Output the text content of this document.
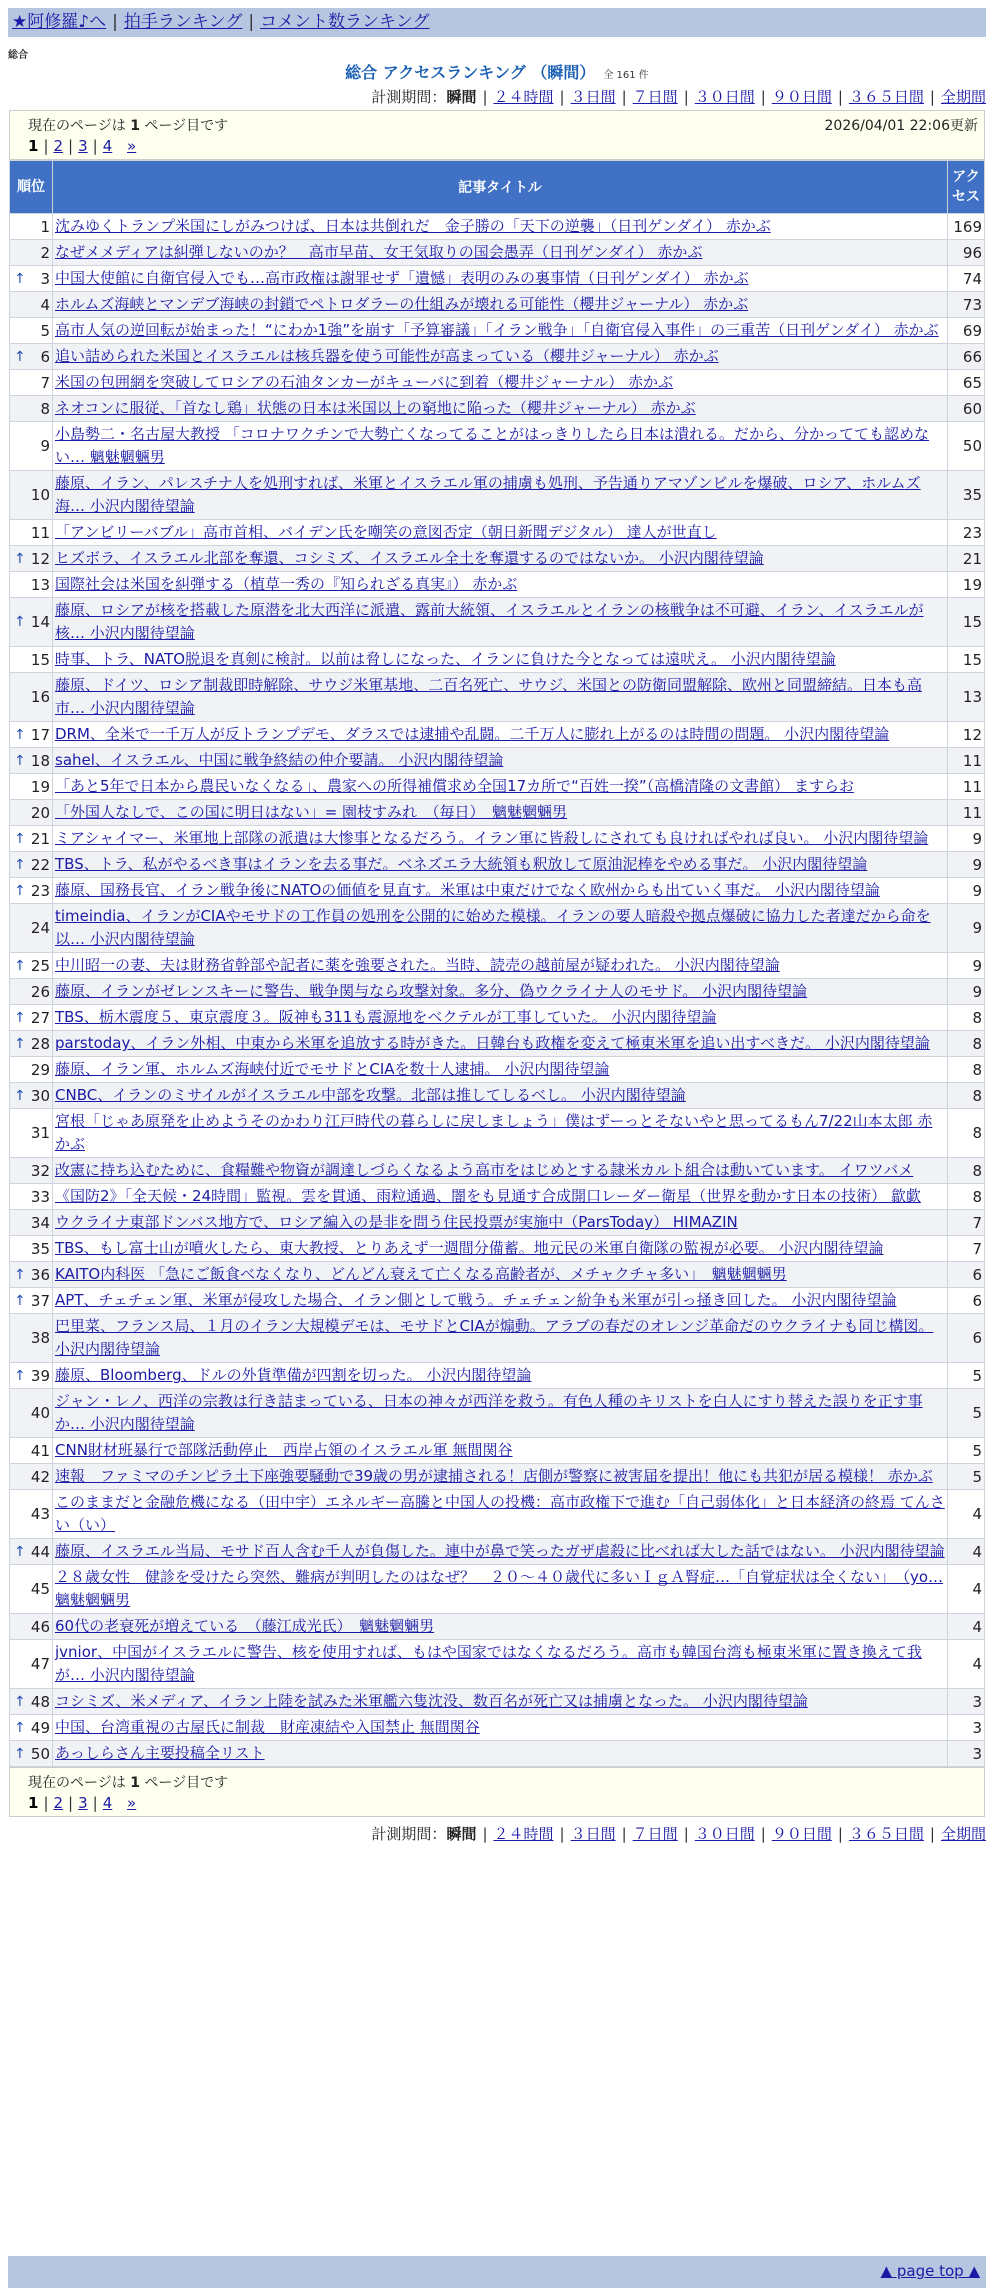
★阿修羅♪へ | 拍手ランキング | コメント数ランキング
総合
総合 アクセスランキング （瞬間） 全 161 件
計測期間：瞬間 | ２４時間 | ３日間 | ７日間 | ３０日間 | ９０日間 | ３６５日間 | 全期間
現在のページは 1 ページ目です	2026/04/01 22:06更新
1 | 2 | 3 | 4 »
順位	記事タイトル	アクセス
1	沈みゆくトランプ米国にしがみつけば、日本は共倒れだ　金子勝の「天下の逆襲」（日刊ゲンダイ） 赤かぶ	169
2	なぜメメディアは糾弾しないのか？　高市早苗、女王気取りの国会愚弄（日刊ゲンダイ） 赤かぶ	96

↑ 3	中国大使館に自衛官侵入でも…高市政権は謝罪せず「遺憾」表明のみの裏事情（日刊ゲンダイ） 赤かぶ	74
4	ホルムズ海峡とマンデブ海峡の封鎖でペトロダラーの仕組みが壊れる可能性（櫻井ジャーナル） 赤かぶ	73
5	高市人気の逆回転が始まった！“にわか1強”を崩す「予算審議」「イラン戦争」「自衛官侵入事件」の三重苦（日刊ゲンダイ） 赤かぶ	69

↑ 6	追い詰められた米国とイスラエルは核兵器を使う可能性が高まっている（櫻井ジャーナル） 赤かぶ	66
7	米国の包囲網を突破してロシアの石油タンカーがキューバに到着（櫻井ジャーナル） 赤かぶ	65
8	ネオコンに服従、「首なし鶏」状態の日本は米国以上の窮地に陥った（櫻井ジャーナル） 赤かぶ	60
9	小島勢二・名古屋大教授 「コロナワクチンで大勢亡くなってることがはっきりしたら日本は潰れる。だから、分かってても認めない… 魑魅魍魎男	50
10	藤原、イラン、パレスチナ人を処刑すれば、米軍とイスラエル軍の捕虜も処刑、予告通りアマゾンビルを爆破、ロシア、ホルムズ海… 小沢内閣待望論	35
11	「アンビリーバブル」高市首相、バイデン氏を嘲笑の意図否定（朝日新聞デジタル） 達人が世直し	23

↑ 12	ヒズボラ、イスラエル北部を奪還、コシミズ、イスラエル全土を奪還するのではないか。 小沢内閣待望論	21
13	国際社会は米国を糾弾する（植草一秀の『知られざる真実』） 赤かぶ	19

↑ 14	藤原、ロシアが核を搭載した原潜を北大西洋に派遣、露前大統領、イスラエルとイランの核戦争は不可避、イラン、イスラエルが核… 小沢内閣待望論	15
15	時事、トラ、NATO脱退を真剣に検討。以前は脅しになった、イランに負けた今となっては遠吠え。 小沢内閣待望論	15
16	藤原、ドイツ、ロシア制裁即時解除、サウジ米軍基地、二百名死亡、サウジ、米国との防衛同盟解除、欧州と同盟締結。日本も高市… 小沢内閣待望論	13

↑ 17	DRM、全米で一千万人が反トランプデモ、ダラスでは逮捕や乱闘。二千万人に膨れ上がるのは時間の問題。 小沢内閣待望論	12

↑ 18	sahel、イスラエル、中国に戦争終結の仲介要請。 小沢内閣待望論	11
19	「あと5年で日本から農民いなくなる」、農家への所得補償求め全国17カ所で“百姓一揆”（高橋清隆の文書館） ますらお	11
20	「外国人なしで、この国に明日はない」= 園枝すみれ　（毎日）　魑魅魍魎男	11

↑ 21	ミアシャイマー、米軍地上部隊の派遣は大惨事となるだろう。イラン軍に皆殺しにされても良ければやれば良い。 小沢内閣待望論	9

↑ 22	TBS、トラ、私がやるべき事はイランを去る事だ。ベネズエラ大統領も釈放して原油泥棒をやめる事だ。 小沢内閣待望論	9

↑ 23	藤原、国務長官、イラン戦争後にNATOの価値を見直す。米軍は中東だけでなく欧州からも出ていく事だ。 小沢内閣待望論	9
24	timeindia、イランがCIAやモサドの工作員の処刑を公開的に始めた模様。イランの要人暗殺や拠点爆破に協力した者達だから命を以… 小沢内閣待望論	9

↑ 25	中川昭一の妻、夫は財務省幹部や記者に薬を強要された。当時、読売の越前屋が疑われた。 小沢内閣待望論	9
26	藤原、イランがゼレンスキーに警告、戦争関与なら攻撃対象。多分、偽ウクライナ人のモサド。 小沢内閣待望論	9

↑ 27	TBS、栃木震度５、東京震度３。阪神も311も震源地をベクテルが工事していた。 小沢内閣待望論	8

↑ 28	parstoday、イラン外相、中東から米軍を追放する時がきた。日韓台も政権を変えて極東米軍を追い出すべきだ。 小沢内閣待望論	8
29	藤原、イラン軍、ホルムズ海峡付近でモサドとCIAを数十人逮捕。 小沢内閣待望論	8

↑ 30	CNBC、イランのミサイルがイスラエル中部を攻撃。北部は推してしるべし。 小沢内閣待望論	8
31	宮根「じゃあ原発を止めようそのかわり江戸時代の暮らしに戻しましょう」僕はずーっとそないやと思ってるもん7/22山本太郎 赤かぶ	8
32	改憲に持ち込むために、食糧難や物資が調達しづらくなるよう高市をはじめとする隷米カルト組合は動いています。 イワツバメ	8
33	《国防2》「全天候・24時間」監視。雲を貫通、雨粒通過、闇をも見通す合成開口レーダー衛星（世界を動かす日本の技術） 歙歔	8
34	ウクライナ東部ドンバス地方で、ロシア編入の是非を問う住民投票が実施中（ParsToday） HIMAZIN	7
35	TBS、もし富士山が噴火したら、東大教授、とりあえず一週間分備蓄。地元民の米軍自衛隊の監視が必要。 小沢内閣待望論	7

↑ 36	KAITO内科医 「急にご飯食べなくなり、どんどん衰えて亡くなる高齢者が、メチャクチャ多い」　魑魅魍魎男	6

↑ 37	APT、チェチェン軍、米軍が侵攻した場合、イラン側として戦う。チェチェン紛争も米軍が引っ掻き回した。 小沢内閣待望論	6
38	巴里菜、フランス局、１月のイラン大規模デモは、モサドとCIAが煽動。アラブの春だのオレンジ革命だのウクライナも同じ構図。 小沢内閣待望論	6

↑ 39	藤原、Bloomberg、ドルの外貨準備が四割を切った。 小沢内閣待望論	5
40	ジャン・レノ、西洋の宗教は行き詰まっている、日本の神々が西洋を救う。有色人種のキリストを白人にすり替えた誤りを正す事か… 小沢内閣待望論	5
41	CNN財材班暴行で部隊活動停止　西岸占領のイスラエル軍 無間関谷	5
42	速報　ファミマのチンピラ土下座強要騒動で39歳の男が逮捕される！店側が警察に被害届を提出！他にも共犯が居る模様！ 赤かぶ	5
43	このままだと金融危機になる（田中宇）エネルギー高騰と中国人の投機：高市政権下で進む「自己弱体化」と日本経済の終焉 てんさい（い）	4

↑ 44	藤原、イスラエル当局、モサド百人含む千人が負傷した。連中が鼻で笑ったガザ虐殺に比べれば大した話ではない。 小沢内閣待望論	4
45	２８歳女性　健診を受けたら突然、難病が判明したのはなぜ？　２０～４０歳代に多いＩｇＡ腎症…「自覚症状は全くない」　（yo… 魑魅魍魎男	4
46	60代の老衰死が増えている　（藤江成光氏）　魑魅魍魎男	4
47	jvnior、中国がイスラエルに警告、核を使用すれば、もはや国家ではなくなるだろう。高市も韓国台湾も極東米軍に置き換えて我が… 小沢内閣待望論	4

↑ 48	コシミズ、米メディア、イラン上陸を試みた米軍艦六隻沈没、数百名が死亡又は捕虜となった。 小沢内閣待望論	3

↑ 49	中国、台湾重視の古屋氏に制裁　財産凍結や入国禁止 無間関谷	3

↑ 50	あっしらさん主要投稿全リスト	3
現在のページは 1 ページ目です
1 | 2 | 3 | 4 »
計測期間：瞬間 | ２４時間 | ３日間 | ７日間 | ３０日間 | ９０日間 | ３６５日間 | 全期間
▲ page top ▲
